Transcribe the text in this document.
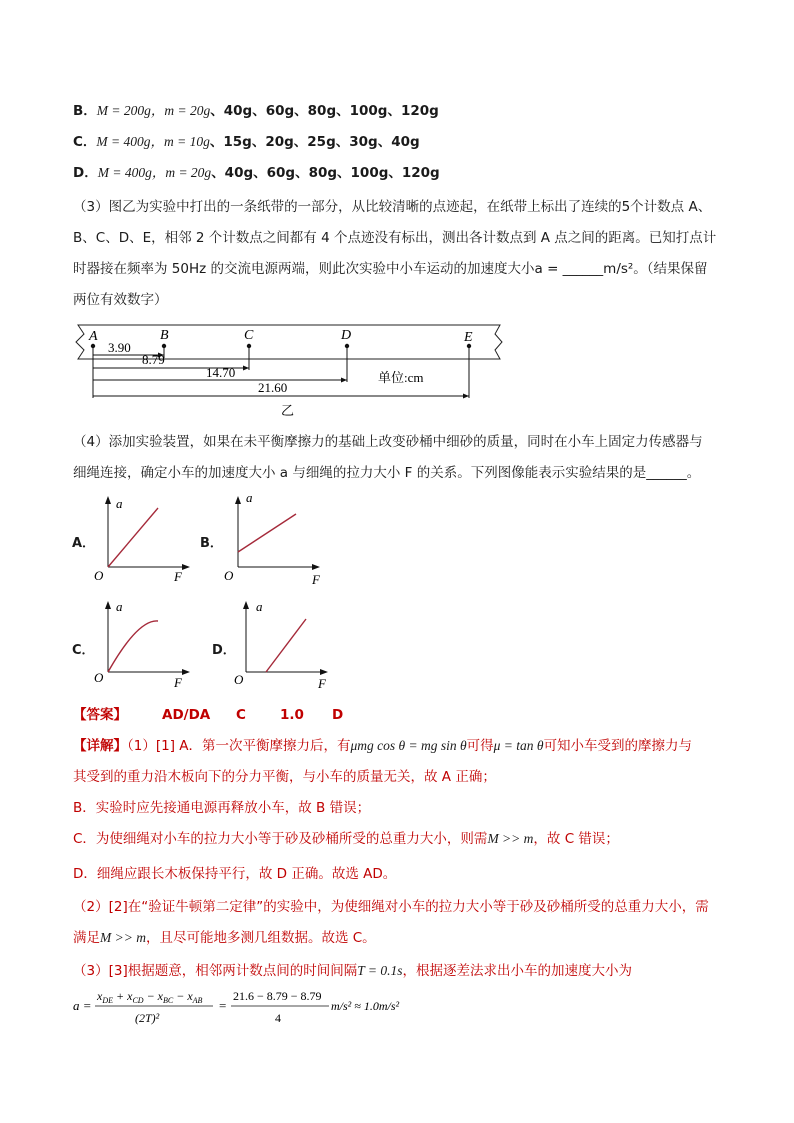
B．M = 200g，m = 20g、40g、60g、80g、100g、120g
C．M = 400g，m = 10g、15g、20g、25g、30g、40g
D．M = 400g，m = 20g、40g、60g、80g、100g、120g
（3）图乙为实验中打出的一条纸带的一部分，从比较清晰的点迹起，在纸带上标出了连续的5个计数点 A、
B、C、D、E，相邻 2 个计数点之间都有 4 个点迹没有标出，测出各计数点到 A 点之间的距离。已知打点计
时器接在频率为 50Hz 的交流电源两端，则此次实验中小车运动的加速度大小a = ______m/s²。（结果保留
两位有效数字）
A	B	C	D	E
3.90
8.79
14.70
21.60
单位:cm
乙
（4）添加实验装置，如果在未平衡摩擦力的基础上改变砂桶中细砂的质量，同时在小车上固定力传感器与
细绳连接，确定小车的加速度大小 a 与细绳的拉力大小 F 的关系。下列图像能表示实验结果的是______。
A．	B．
C．	D．
a
O	F
a
O	F
a
O	F
a
O	F
【答案】	AD/DA C	1.0 D
【详解】（1）[1] A．第一次平衡摩擦力后，有μmg cos θ = mg sin θ可得μ = tan θ可知小车受到的摩擦力与
其受到的重力沿木板向下的分力平衡，与小车的质量无关，故 A 正确；
B．实验时应先接通电源再释放小车，故 B 错误；
C．为使细绳对小车的拉力大小等于砂及砂桶所受的总重力大小，则需M >> m，故 C 错误；
D．细绳应跟长木板保持平行，故 D 正确。故选 AD。
（2）[2]在“验证牛顿第二定律”的实验中，为使细绳对小车的拉力大小等于砂及砂桶所受的总重力大小，需
满足M >> m，且尽可能地多测几组数据。故选 C。
（3）[3]根据题意，相邻两计数点间的时间间隔T = 0.1s，根据逐差法求出小车的加速度大小为
a =
$x_{DE} + x_{CD} - x_{BC} - x_{AB}$
(2T)²
=
21.6 − 8.79 − 8.79
4
m/s² ≈ 1.0m/s²
